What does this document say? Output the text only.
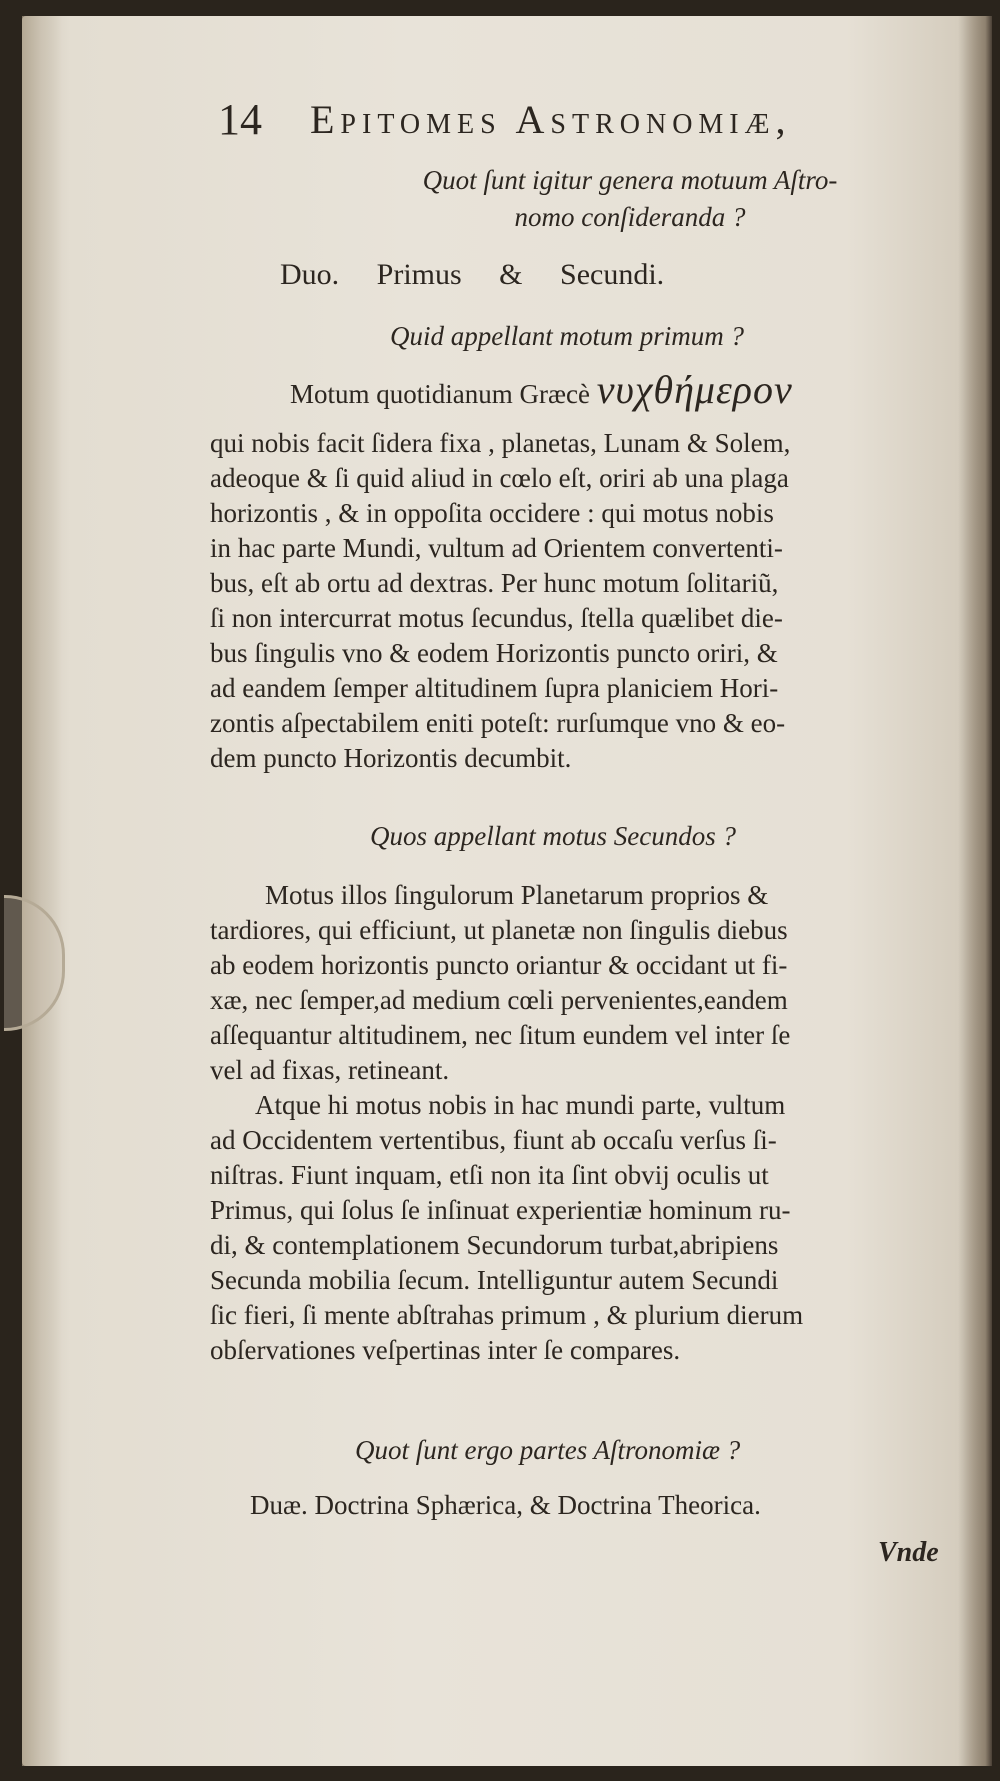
14 Epitomes Astronomiæ,
Quot ſunt igitur genera motuum Aſtro-
nomo conſideranda ?
Duo. Primus & Secundi.
Quid appellant motum primum ?
Motum quotidianum Græcè νυχθήμερον
qui nobis facit ſidera fixa , planetas, Lunam & Solem,
adeoque & ſi quid aliud in cœlo eſt, oriri ab una plaga
horizontis , & in oppoſita occidere : qui motus nobis
in hac parte Mundi, vultum ad Orientem convertenti-
bus, eſt ab ortu ad dextras. Per hunc motum ſolitariũ,
ſi non intercurrat motus ſecundus, ſtella quælibet die-
bus ſingulis vno & eodem Horizontis puncto oriri, &
ad eandem ſemper altitudinem ſupra planiciem Hori-
zontis aſpectabilem eniti poteſt: rurſumque vno & eo-
dem puncto Horizontis decumbit.
Quos appellant motus Secundos ?
Motus illos ſingulorum Planetarum proprios &
tardiores, qui efficiunt, ut planetæ non ſingulis diebus
ab eodem horizontis puncto oriantur & occidant ut fi-
xæ, nec ſemper,ad medium cœli pervenientes,eandem
aſſequantur altitudinem, nec ſitum eundem vel inter ſe
vel ad fixas, retineant.
Atque hi motus nobis in hac mundi parte, vultum
ad Occidentem vertentibus, fiunt ab occaſu verſus ſi-
niſtras. Fiunt inquam, etſi non ita ſint obvij oculis ut
Primus, qui ſolus ſe inſinuat experientiæ hominum ru-
di, & contemplationem Secundorum turbat,abripiens
Secunda mobilia ſecum. Intelliguntur autem Secundi
ſic fieri, ſi mente abſtrahas primum , & plurium dierum
obſervationes veſpertinas inter ſe compares.
Quot ſunt ergo partes Aſtronomiæ ?
Duæ. Doctrina Sphærica, & Doctrina Theorica.
Vnde
